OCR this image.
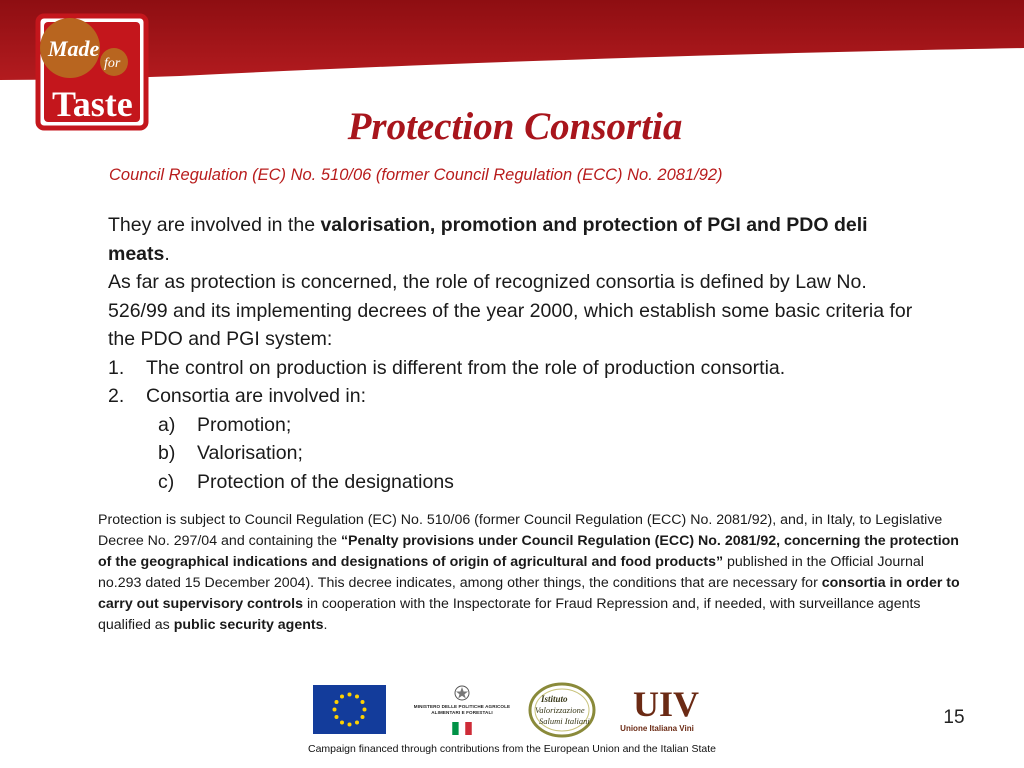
Made
for
Taste
Protection Consortia
Council Regulation (EC) No. 510/06 (former Council Regulation (ECC) No. 2081/92)

They are involved in the valorisation, promotion and protection of PGI and PDO deli meats.

As far as protection is concerned, the role of recognized consortia is defined by Law No. 526/99 and its implementing decrees of the year 2000, which establish some basic criteria for the PDO and PGI system:

1. The control on production is different from the role of production consortia.
2. Consortia are involved in:
a) Promotion;
b) Valorisation;
c) Protection of the designations

Protection is subject to Council Regulation (EC) No. 510/06 (former Council Regulation (ECC) No. 2081/92), and, in Italy, to Legislative Decree No. 297/04 and containing the “Penalty provisions under Council Regulation (ECC) No. 2081/92, concerning the protection of the geographical indications and designations of origin of agricultural and food products” published in the Official Journal no.293 dated 15 December 2004). This decree indicates, among other things, the conditions that are necessary for consortia in order to carry out supervisory controls in cooperation with the Inspectorate for Fraud Repression and, if needed, with surveillance agents qualified as public security agents.

MINISTERO DELLE POLITICHE AGRICOLE
ALIMENTARI E FORESTALI
Istituto
Valorizzazione
Salumi Italiani UIV
Unione Italiana Vini
15
Campaign financed through contributions from the European Union and the Italian State
